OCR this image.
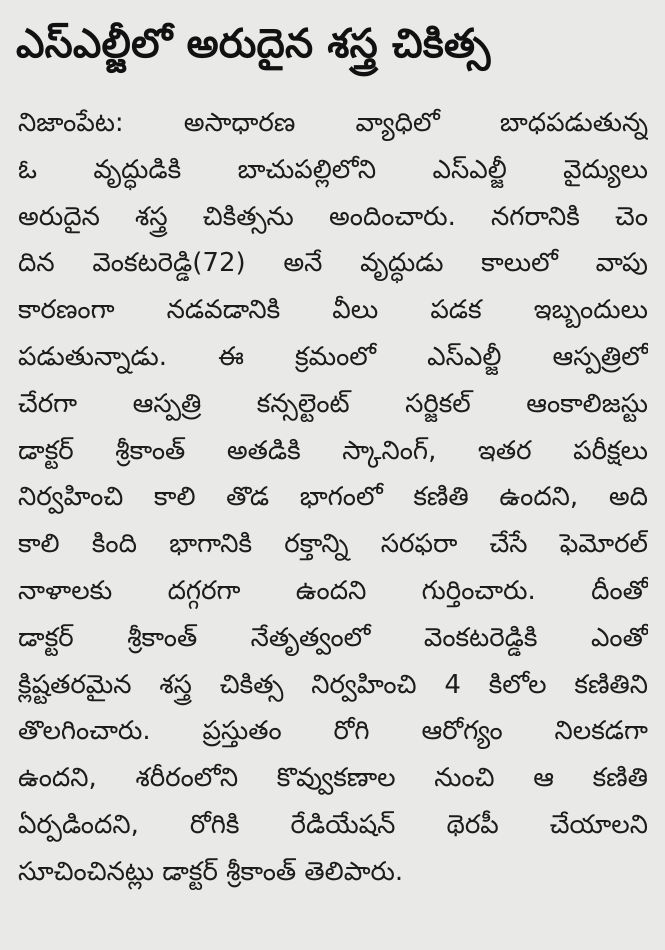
ఎస్ఎల్జీలో అరుదైన శస్త్ర చికిత్స
నిజాంపేట: అసాధారణ వ్యాధిలో బాధపడుతున్న
ఓ వృద్ధుడికి బాచుపల్లిలోని ఎస్ఎల్జీ వైద్యులు
అరుదైన శస్త్ర చికిత్సను అందించారు. నగరానికి చెం
దిన వెంకటరెడ్డి(72) అనే వృద్ధుడు కాలులో వాపు
కారణంగా నడవడానికి వీలు పడక ఇబ్బందులు
పడుతున్నాడు. ఈ క్రమంలో ఎస్ఎల్జీ ఆస్పత్రిలో
చేరగా ఆస్పత్రి కన్సల్టెంట్ సర్జికల్ ఆంకాలిజస్టు
డాక్టర్ శ్రీకాంత్ అతడికి స్కానింగ్, ఇతర పరీక్షలు
నిర్వహించి కాలి తొడ భాగంలో కణితి ఉందని, అది
కాలి కింది భాగానికి రక్తాన్ని సరఫరా చేసే ఫెమోరల్
నాళాలకు దగ్గరగా ఉందని గుర్తించారు. దీంతో
డాక్టర్ శ్రీకాంత్ నేతృత్వంలో వెంకటరెడ్డికి ఎంతో
క్లిష్టతరమైన శస్త్ర చికిత్స నిర్వహించి 4 కిలోల కణితిని
తొలగించారు. ప్రస్తుతం రోగి ఆరోగ్యం నిలకడగా
ఉందని, శరీరంలోని కొవ్వుకణాల నుంచి ఆ కణితి
ఏర్పడిందని, రోగికి రేడియేషన్ థెరపీ చేయాలని
సూచించినట్లు డాక్టర్ శ్రీకాంత్ తెలిపారు.
